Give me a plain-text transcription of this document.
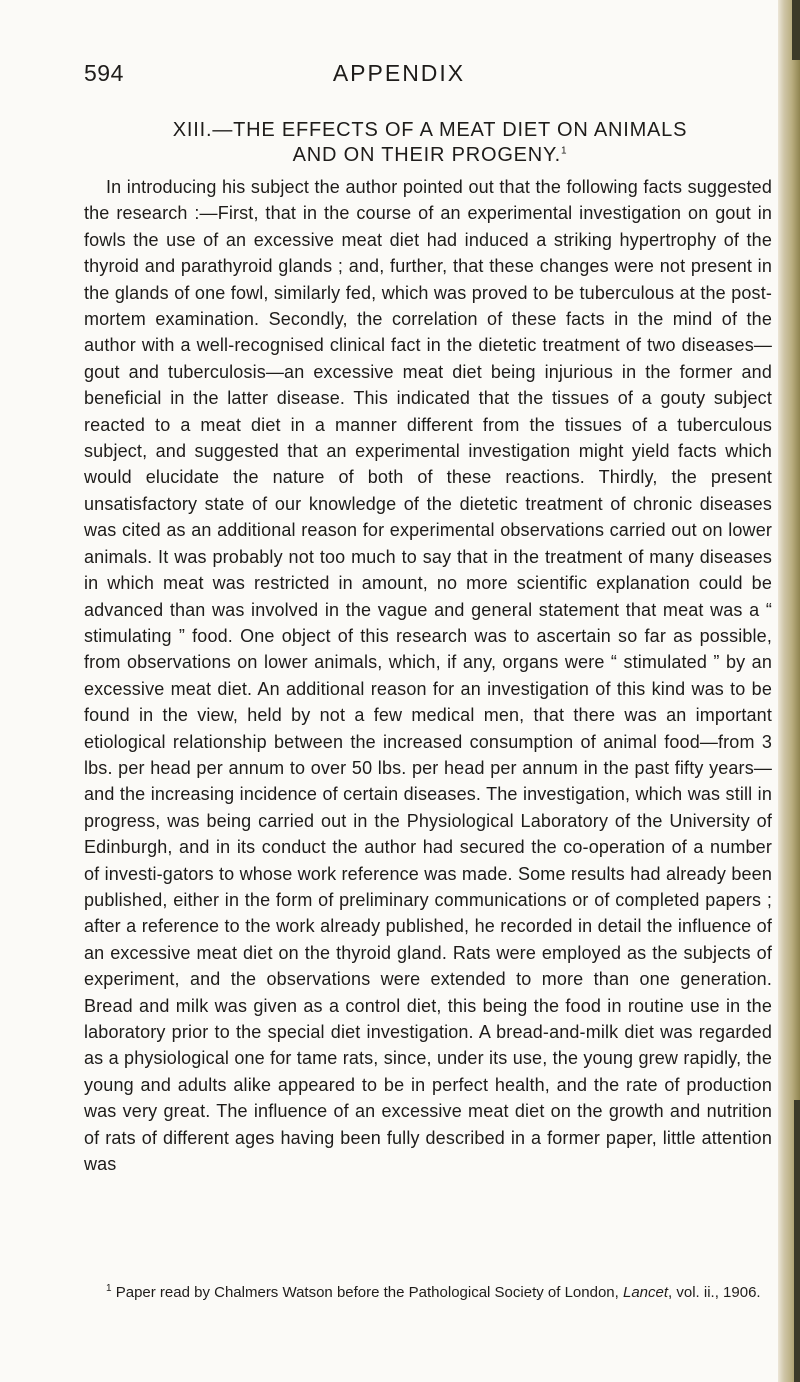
594	APPENDIX
XIII.—THE EFFECTS OF A MEAT DIET ON ANIMALS
AND ON THEIR PROGENY.$^1$

In introducing his subject the author pointed out that the following facts suggested the research :—First, that in the course of an experimental investigation on gout in fowls the use of an excessive meat diet had induced a striking hypertrophy of the thyroid and parathyroid glands ; and, further, that these changes were not present in the glands of one fowl, similarly fed, which was proved to be tuberculous at the post-mortem examination. Secondly, the correlation of these facts in the mind of the author with a well-recognised clinical fact in the dietetic treatment of two diseases—gout and tuberculosis—an excessive meat diet being injurious in the former and beneficial in the latter disease. This indicated that the tissues of a gouty subject reacted to a meat diet in a manner different from the tissues of a tuberculous subject, and suggested that an experimental investigation might yield facts which would elucidate the nature of both of these reactions. Thirdly, the present unsatisfactory state of our knowledge of the dietetic treatment of chronic diseases was cited as an additional reason for experimental observations carried out on lower animals. It was probably not too much to say that in the treatment of many diseases in which meat was restricted in amount, no more scientific explanation could be advanced than was involved in the vague and general statement that meat was a “ stimulating ” food. One object of this research was to ascertain so far as possible, from observations on lower animals, which, if any, organs were “ stimulated ” by an excessive meat diet. An additional reason for an investigation of this kind was to be found in the view, held by not a few medical men, that there was an important etiological relationship between the increased consumption of animal food—from 3 lbs. per head per annum to over 50 lbs. per head per annum in the past fifty years—and the increasing incidence of certain diseases. The investigation, which was still in progress, was being carried out in the Physiological Laboratory of the University of Edinburgh, and in its conduct the author had secured the co-operation of a number of investi-gators to whose work reference was made. Some results had already been published, either in the form of preliminary communications or of completed papers ; after a reference to the work already published, he recorded in detail the influence of an excessive meat diet on the thyroid gland. Rats were employed as the subjects of experiment, and the observations were extended to more than one generation. Bread and milk was given as a control diet, this being the food in routine use in the laboratory prior to the special diet investigation. A bread-and-milk diet was regarded as a physiological one for tame rats, since, under its use, the young grew rapidly, the young and adults alike appeared to be in perfect health, and the rate of production was very great. The influence of an excessive meat diet on the growth and nutrition of rats of different ages having been fully described in a former paper, little attention was

$^1$ Paper read by Chalmers Watson before the Pathological Society of London, Lancet, vol. ii., 1906.
